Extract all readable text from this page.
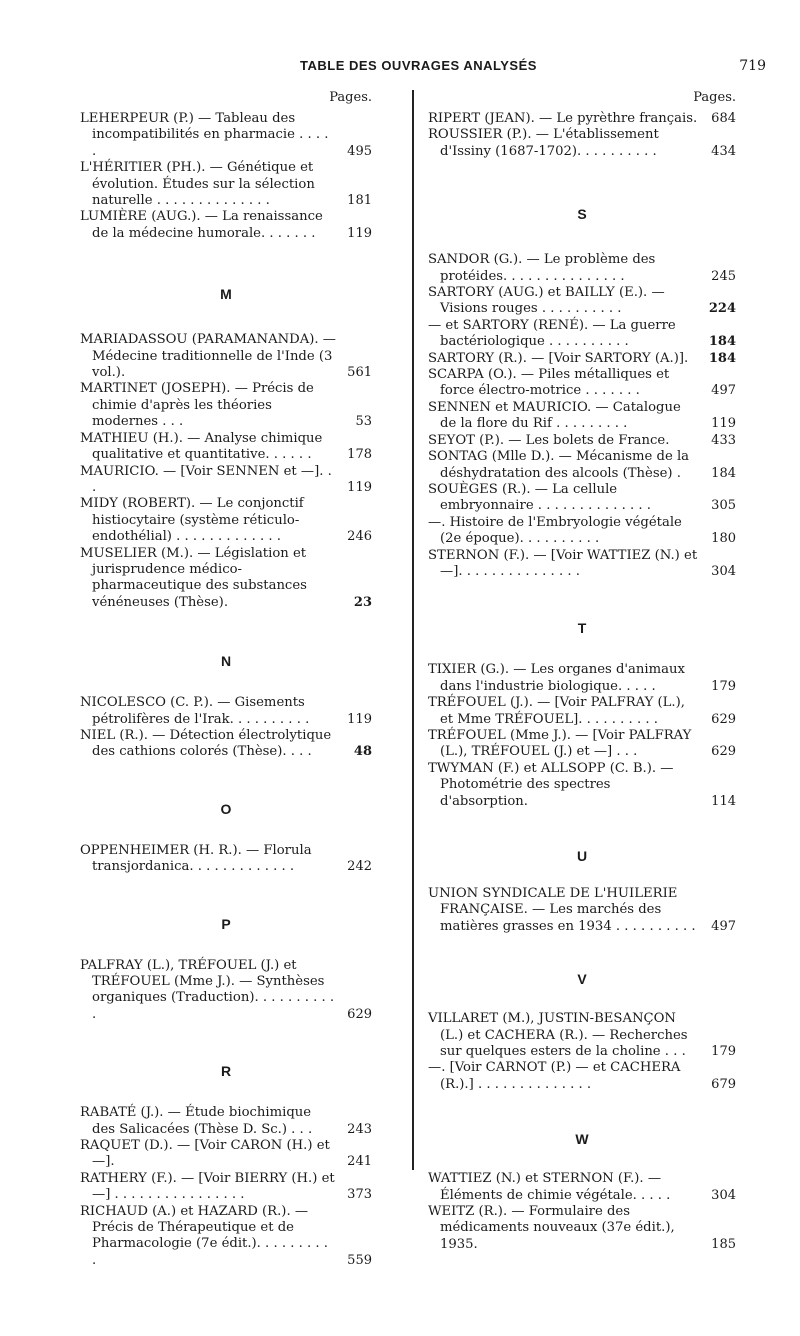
TABLE DES OUVRAGES ANALYSÉS	719
Pages.
LEHERPEUR (P.) — Tableau des incompatibilités en pharmacie . . . . .	495
L'HÉRITIER (PH.). — Génétique et évolution. Études sur la sélection naturelle . . . . . . . . . . . . . .	181
LUMIÈRE (AUG.). — La renaissance de la médecine humorale. . . . . . . 119
M
MARIADASSOU (PARAMANANDA). — Médecine traditionnelle de l'Inde (3 vol.).	561
MARTINET (JOSEPH). — Précis de chimie d'après les théories modernes . . .	53
MATHIEU (H.). — Analyse chimique qualitative et quantitative. . . . . .	178
MAURICIO. — [Voir SENNEN et —]. . .	119
MIDY (ROBERT). — Le conjonctif histiocytaire (système réticulo-endothélial) . . . . . . . . . . . . .	246
MUSELIER (M.). — Législation et jurisprudence médico-pharmaceutique des substances vénéneuses (Thèse).	23
N
NICOLESCO (C. P.). — Gisements pétrolifères de l'Irak. . . . . . . . . .	119
NIEL (R.). — Détection électrolytique des cathions colorés (Thèse). . . .	48
O
OPPENHEIMER (H. R.). — Florula transjordanica. . . . . . . . . . . . .	242
P
PALFRAY (L.), TRÉFOUEL (J.) et TRÉFOUEL (Mme J.). — Synthèses organiques (Traduction). . . . . . . . . . .	629
R
RABATÉ (J.). — Étude biochimique des Salicacées (Thèse D. Sc.) . . .	243
RAQUET (D.). — [Voir CARON (H.) et —].	241
RATHERY (F.). — [Voir BIERRY (H.) et —] . . . . . . . . . . . . . . . .	373
RICHAUD (A.) et HAZARD (R.). — Précis de Thérapeutique et de Pharmacologie (7e édit.). . . . . . . . . .	559
Pages.
RIPERT (JEAN). — Le pyrèthre français. 684
ROUSSIER (P.). — L'établissement d'Issiny (1687-1702). . . . . . . . . .	434
S
SANDOR (G.). — Le problème des protéides. . . . . . . . . . . . . . .	245
SARTORY (AUG.) et BAILLY (E.). — Visions rouges . . . . . . . . . .	224
— et SARTORY (RENÉ). — La guerre bactériologique . . . . . . . . . .	184
SARTORY (R.). — [Voir SARTORY (A.)]. 184
SCARPA (O.). — Piles métalliques et force électro-motrice . . . . . . .	497
SENNEN et MAURICIO. — Catalogue de la flore du Rif . . . . . . . . .	119
SEYOT (P.). — Les bolets de France.	433
SONTAG (Mlle D.). — Mécanisme de la déshydratation des alcools (Thèse) . 184
SOUÈGES (R.). — La cellule embryonnaire . . . . . . . . . . . . . .	305
—. Histoire de l'Embryologie végétale (2e époque). . . . . . . . . .	180
STERNON (F.). — [Voir WATTIEZ (N.) et —]. . . . . . . . . . . . . . .	304
T
TIXIER (G.). — Les organes d'animaux dans l'industrie biologique. . . . .	179
TRÉFOUEL (J.). — [Voir PALFRAY (L.), et Mme TRÉFOUEL]. . . . . . . . . .	629
TRÉFOUEL (Mme J.). — [Voir PALFRAY (L.), TRÉFOUEL (J.) et —] . . .	629
TWYMAN (F.) et ALLSOPP (C. B.). — Photométrie des spectres d'absorption.	114
U
UNION SYNDICALE DE L'HUILERIE FRANÇAISE. — Les marchés des matières grasses en 1934 . . . . . . . . . . 497
V
VILLARET (M.), JUSTIN-BESANÇON (L.) et CACHERA (R.). — Recherches sur quelques esters de la choline . . . 179
—. [Voir CARNOT (P.) — et CACHERA (R.).] . . . . . . . . . . . . . .	679
W
WATTIEZ (N.) et STERNON (F.). — Éléments de chimie végétale. . . . .	304
WEITZ (R.). — Formulaire des médicaments nouveaux (37e édit.), 1935.	185
